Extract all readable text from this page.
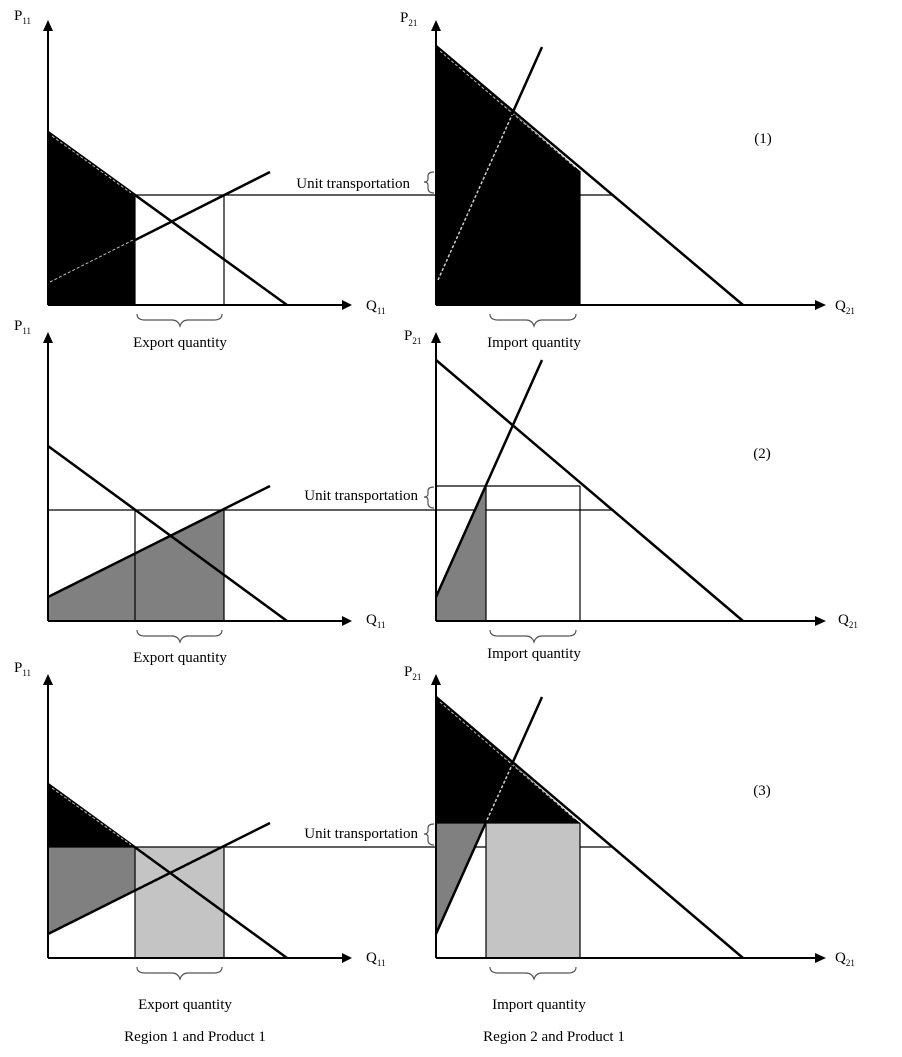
$P_{11}$
$Q_{11}$
Export quantity
Unit transportation
$P_{21}$
$Q_{21}$
Import quantity
(1)
$P_{11}$
$Q_{11}$
Export quantity
Unit transportation
$P_{21}$
$Q_{21}$
Import quantity
(2)
$P_{11}$
$Q_{11}$
Export quantity
Unit transportation
$P_{21}$
$Q_{21}$
Import quantity
(3)
Region 1 and Product 1	Region 2 and Product 1
